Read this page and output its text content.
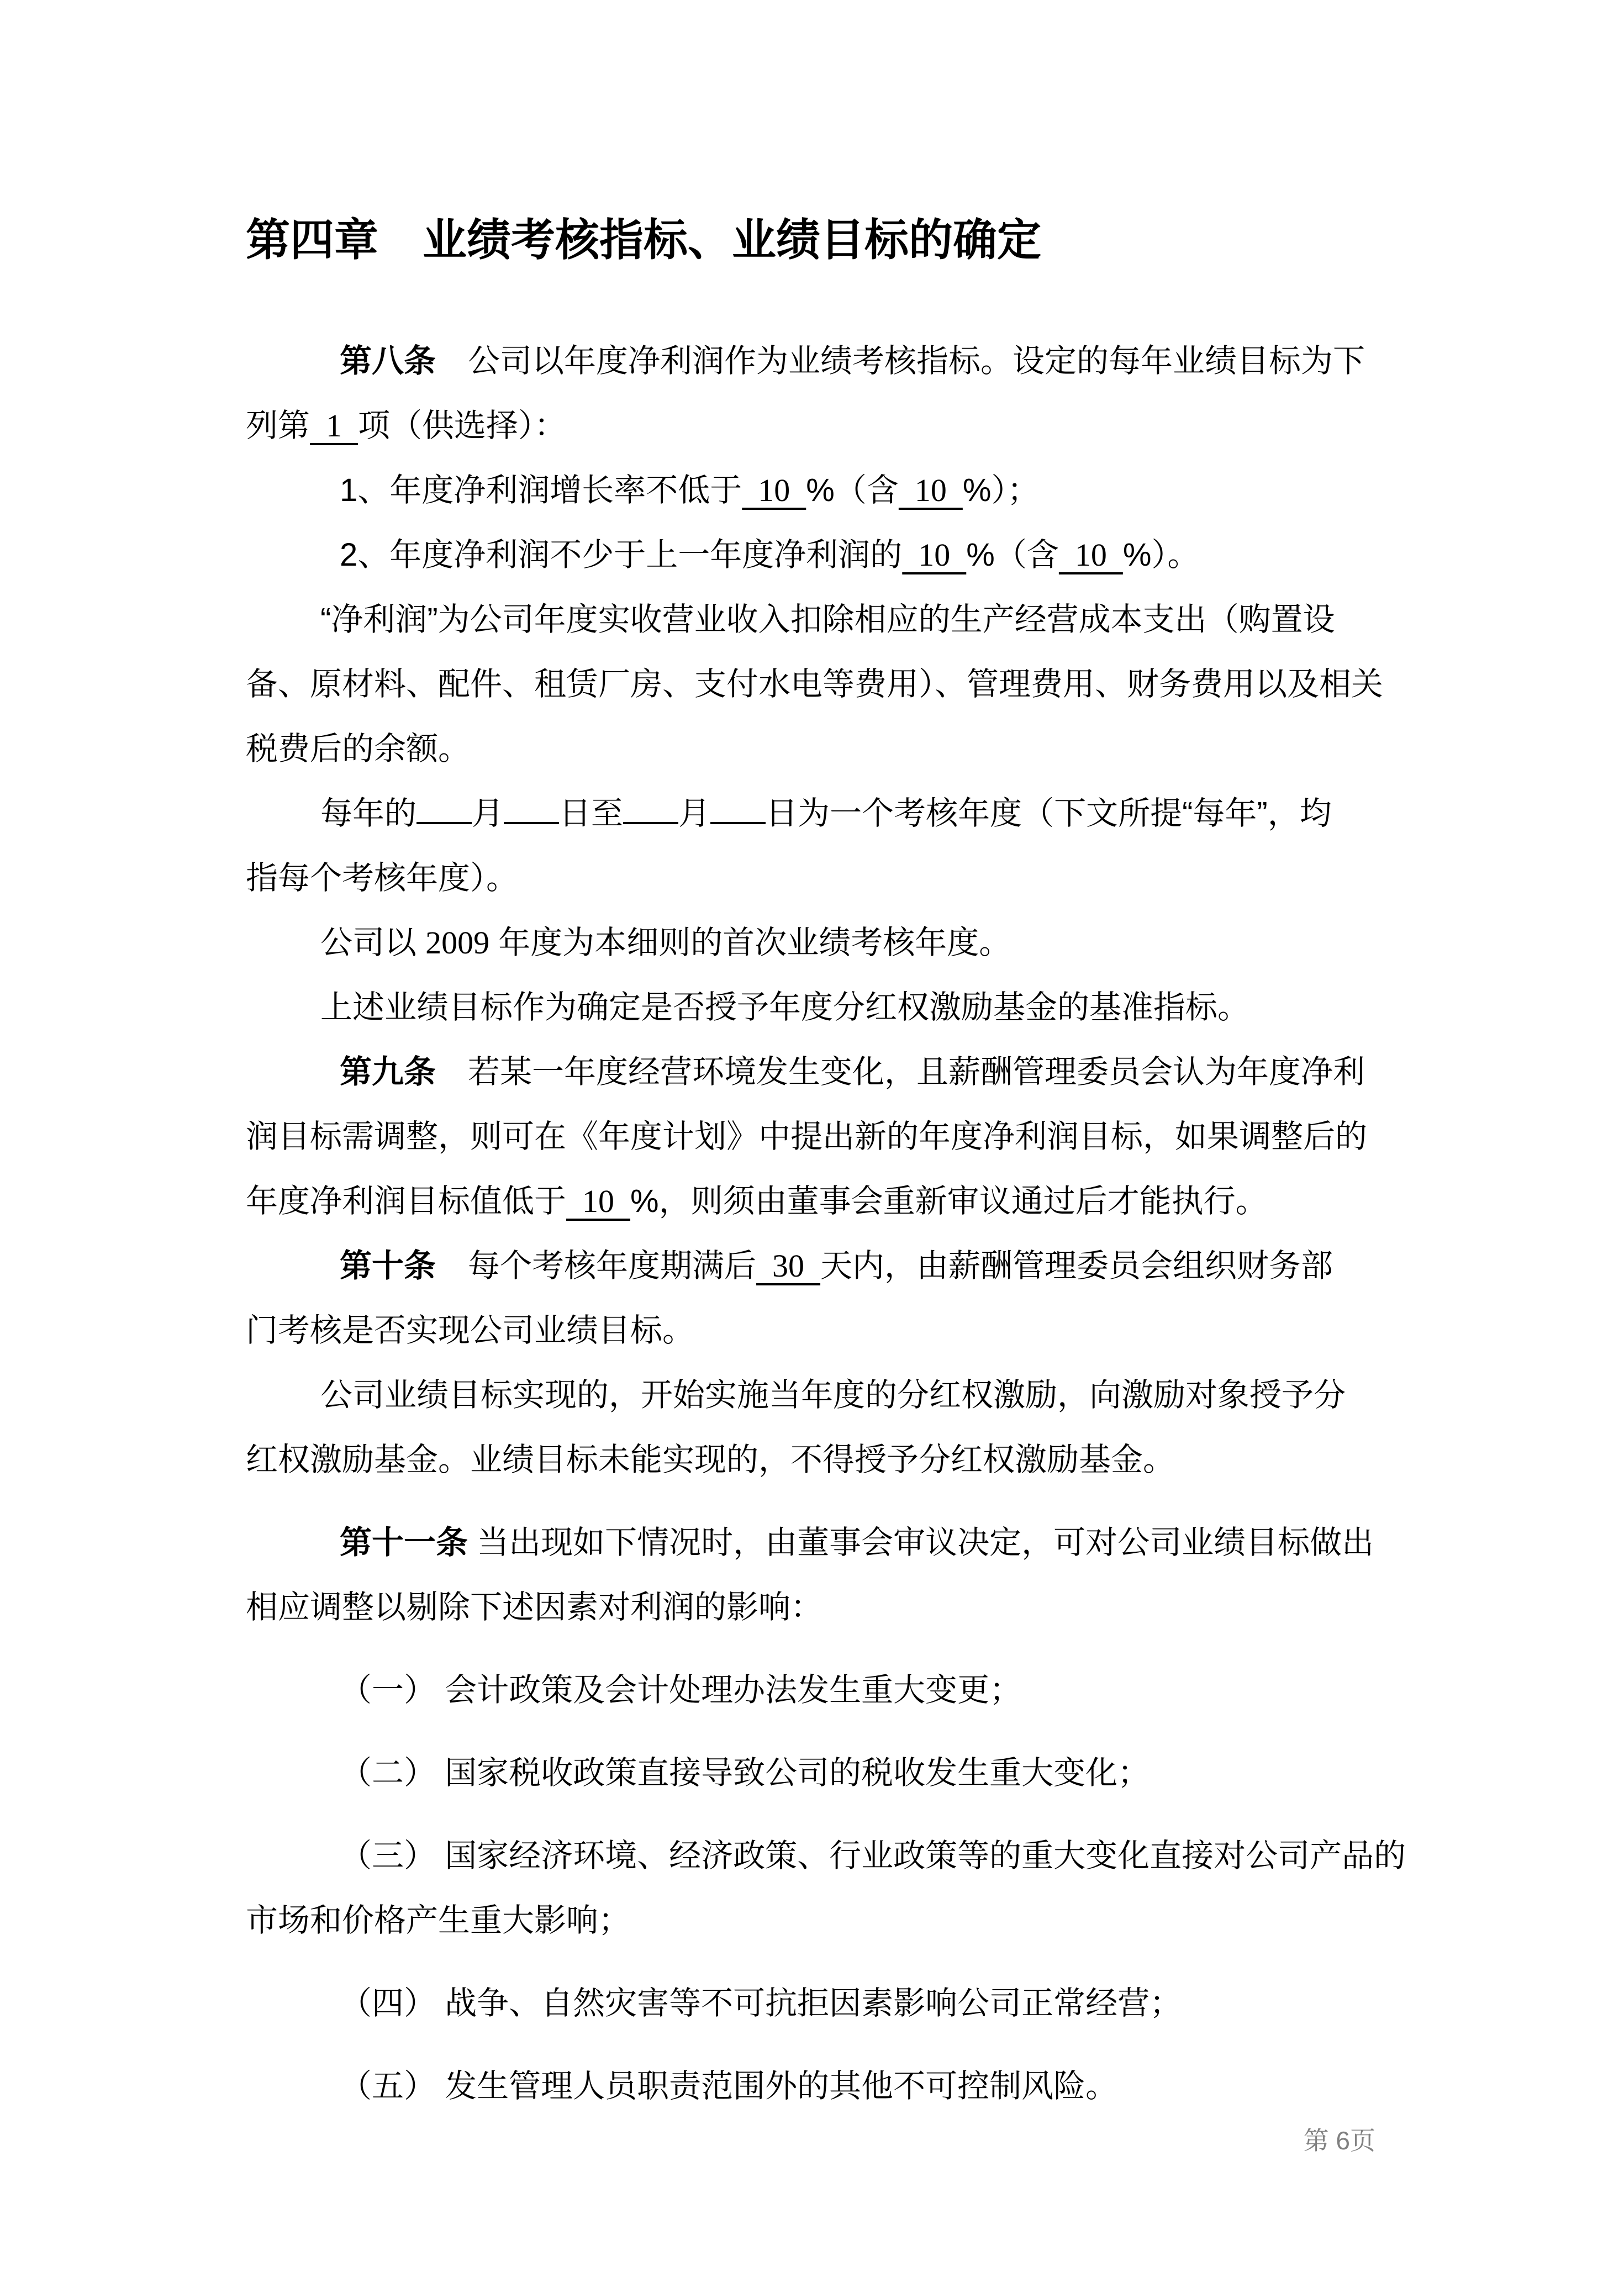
第四章　业绩考核指标、业绩目标的确定
第八条　 公司以年度净利润作为业绩考核指标。设定的每年业绩目标为下
列第  1  项（供选择）：
1、年度净利润增长率不低于  10  %（含  10  %）；
2、年度净利润不少于上一年度净利润的  10  %（含  10  %）。
“净利润”为公司年度实收营业收入扣除相应的生产经营成本支出（购置设
备、原材料、配件、租赁厂房、支付水电等费用）、管理费用、财务费用以及相关
税费后的余额。
每年的 月 日至 月 日为一个考核年度（下文所提“每年”，均
指每个考核年度）。
公司以 2009 年度为本细则的首次业绩考核年度。
上述业绩目标作为确定是否授予年度分红权激励基金的基准指标。
第九条　 若某一年度经营环境发生变化，且薪酬管理委员会认为年度净利
润目标需调整，则可在《年度计划》中提出新的年度净利润目标，如果调整后的
年度净利润目标值低于  10  %，则须由董事会重新审议通过后才能执行。
第十条　 每个考核年度期满后  30  天内，由薪酬管理委员会组织财务部
门考核是否实现公司业绩目标。
公司业绩目标实现的，开始实施当年度的分红权激励，向激励对象授予分
红权激励基金。业绩目标未能实现的，不得授予分红权激励基金。
第十一条 当出现如下情况时，由董事会审议决定，可对公司业绩目标做出
相应调整以剔除下述因素对利润的影响：
（一） 会计政策及会计处理办法发生重大变更；
（二） 国家税收政策直接导致公司的税收发生重大变化；
（三） 国家经济环境、经济政策、行业政策等的重大变化直接对公司产品的
市场和价格产生重大影响；
（四） 战争、自然灾害等不可抗拒因素影响公司正常经营；
（五） 发生管理人员职责范围外的其他不可控制风险。
第 6页
